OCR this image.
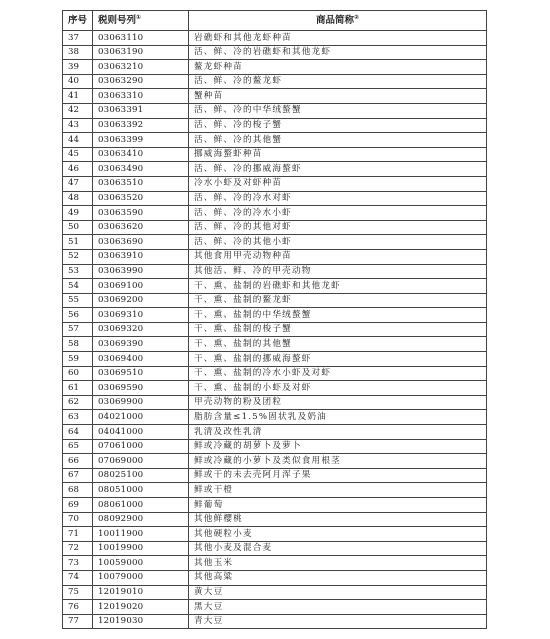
序号	税则号列①	商品简称②
37	03063110	岩礁虾和其他龙虾种苗
38	03063190	活、鲜、冷的岩礁虾和其他龙虾
39	03063210	鳌龙虾种苗
40	03063290	活、鲜、冷的鳌龙虾
41	03063310	蟹种苗
42	03063391	活、鲜、冷的中华绒螯蟹
43	03063392	活、鲜、冷的梭子蟹
44	03063399	活、鲜、冷的其他蟹
45	03063410	挪威海螯虾种苗
46	03063490	活、鲜、冷的挪威海螯虾
47	03063510	冷水小虾及对虾种苗
48	03063520	活、鲜、冷的冷水对虾
49	03063590	活、鲜、冷的冷水小虾
50	03063620	活、鲜、冷的其他对虾
51	03063690	活、鲜、冷的其他小虾
52	03063910	其他食用甲壳动物种苗
53	03063990	其他活、鲜、冷的甲壳动物
54	03069100	干、熏、盐制的岩礁虾和其他龙虾
55	03069200	干、熏、盐制的鳌龙虾
56	03069310	干、熏、盐制的中华绒螯蟹
57	03069320	干、熏、盐制的梭子蟹
58	03069390	干、熏、盐制的其他蟹
59	03069400	干、熏、盐制的挪威海螯虾
60	03069510	干、熏、盐制的冷水小虾及对虾
61	03069590	干、熏、盐制的小虾及对虾
62	03069900	甲壳动物的粉及团粒
63	04021000	脂肪含量≤1.5%固状乳及奶油
64	04041000	乳清及改性乳清
65	07061000	鲜或冷藏的胡萝卜及萝卜
66	07069000	鲜或冷藏的小萝卜及类似食用根茎
67	08025100	鲜或干的未去壳阿月浑子果
68	08051000	鲜或干橙
69	08061000	鲜葡萄
70	08092900	其他鲜樱桃
71	10011900	其他硬粒小麦
72	10019900	其他小麦及混合麦
73	10059000	其他玉米
74	10079000	其他高粱
75	12019010	黄大豆
76	12019020	黑大豆
77	12019030	青大豆
